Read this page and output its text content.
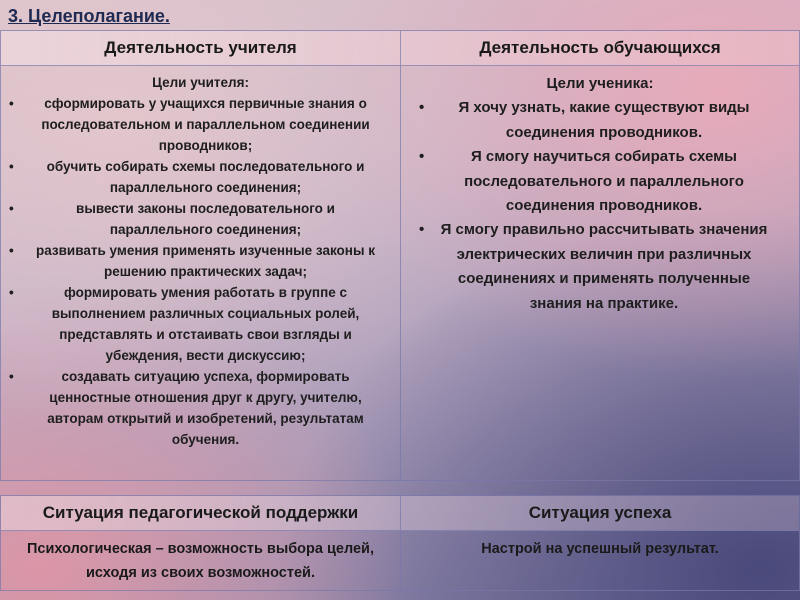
3. Целеполагание.
Деятельность учителя	Деятельность обучающихся
Цели учителя:
• сформировать у учащихся первичные знания о последовательном и параллельном соединении проводников;
• обучить собирать схемы последовательного и параллельного соединения;
• вывести законы последовательного и параллельного соединения;
• развивать умения применять изученные законы к решению практических задач;
• формировать умения работать в группе с выполнением различных социальных ролей, представлять и отстаивать свои взгляды и убеждения, вести дискуссию;
• создавать ситуацию успеха, формировать ценностные отношения друг к другу, учителю, авторам открытий и изобретений, результатам обучения.
Цели ученика:
• Я хочу узнать, какие существуют виды соединения проводников.
• Я смогу научиться собирать схемы последовательного и параллельного соединения проводников.
• Я смогу правильно рассчитывать значения электрических величин при различных соединениях и применять полученные знания на практике.
Ситуация педагогической поддержки	Ситуация успеха
Психологическая – возможность выбора целей, исходя из своих возможностей.
Настрой на успешный результат.
